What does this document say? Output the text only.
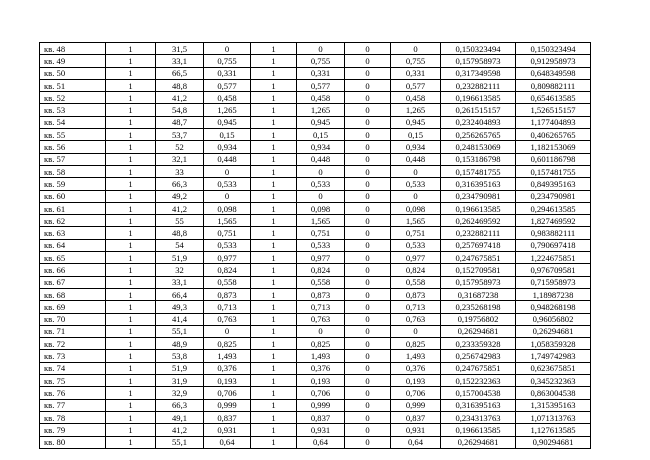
кв. 48	1	31,5	0	1	0	0	0	0,150323494	0,150323494
кв. 49	1	33,1	0,755	1	0,755	0	0,755	0,157958973	0,912958973
кв. 50	1	66,5	0,331	1	0,331	0	0,331	0,317349598	0,648349598
кв. 51	1	48,8	0,577	1	0,577	0	0,577	0,232882111	0,809882111
кв. 52	1	41,2	0,458	1	0,458	0	0,458	0,196613585	0,654613585
кв. 53	1	54,8	1,265	1	1,265	0	1,265	0,261515157	1,526515157
кв. 54	1	48,7	0,945	1	0,945	0	0,945	0,232404893	1,177404893
кв. 55	1	53,7	0,15	1	0,15	0	0,15	0,256265765	0,406265765
кв. 56	1	52	0,934	1	0,934	0	0,934	0,248153069	1,182153069
кв. 57	1	32,1	0,448	1	0,448	0	0,448	0,153186798	0,601186798
кв. 58	1	33	0	1	0	0	0	0,157481755	0,157481755
кв. 59	1	66,3	0,533	1	0,533	0	0,533	0,316395163	0,849395163
кв. 60	1	49,2	0	1	0	0	0	0,234790981	0,234790981
кв. 61	1	41,2	0,098	1	0,098	0	0,098	0,196613585	0,294613585
кв. 62	1	55	1,565	1	1,565	0	1,565	0,262469592	1,827469592
кв. 63	1	48,8	0,751	1	0,751	0	0,751	0,232882111	0,983882111
кв. 64	1	54	0,533	1	0,533	0	0,533	0,257697418	0,790697418
кв. 65	1	51,9	0,977	1	0,977	0	0,977	0,247675851	1,224675851
кв. 66	1	32	0,824	1	0,824	0	0,824	0,152709581	0,976709581
кв. 67	1	33,1	0,558	1	0,558	0	0,558	0,157958973	0,715958973
кв. 68	1	66,4	0,873	1	0,873	0	0,873	0,31687238	1,18987238
кв. 69	1	49,3	0,713	1	0,713	0	0,713	0,235268198	0,948268198
кв. 70	1	41,4	0,763	1	0,763	0	0,763	0,19756802	0,96056802
кв. 71	1	55,1	0	1	0	0	0	0,26294681	0,26294681
кв. 72	1	48,9	0,825	1	0,825	0	0,825	0,233359328	1,058359328
кв. 73	1	53,8	1,493	1	1,493	0	1,493	0,256742983	1,749742983
кв. 74	1	51,9	0,376	1	0,376	0	0,376	0,247675851	0,623675851
кв. 75	1	31,9	0,193	1	0,193	0	0,193	0,152232363	0,345232363
кв. 76	1	32,9	0,706	1	0,706	0	0,706	0,157004538	0,863004538
кв. 77	1	66,3	0,999	1	0,999	0	0,999	0,316395163	1,315395163
кв. 78	1	49,1	0,837	1	0,837	0	0,837	0,234313763	1,071313763
кв. 79	1	41,2	0,931	1	0,931	0	0,931	0,196613585	1,127613585
кв. 80	1	55,1	0,64	1	0,64	0	0,64	0,26294681	0,90294681
